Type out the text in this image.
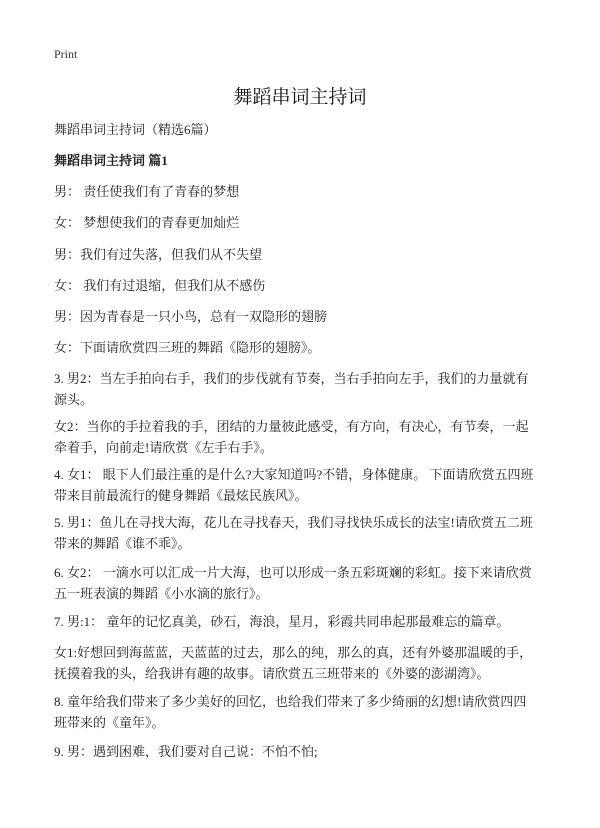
Print
舞蹈串词主持词
舞蹈串词主持词（精选6篇）
舞蹈串词主持词 篇1
男： 责任使我们有了青春的梦想
女： 梦想使我们的青春更加灿烂
男：我们有过失落，但我们从不失望
女： 我们有过退缩，但我们从不感伤
男：因为青春是一只小鸟，总有一双隐形的翅膀
女：下面请欣赏四三班的舞蹈《隐形的翅膀》。
3. 男2：当左手拍向右手，我们的步伐就有节奏，当右手拍向左手，我们的力量就有源头。
女2：当你的手拉着我的手，团结的力量彼此感受，有方向，有决心，有节奏，一起牵着手，向前走!请欣赏《左手右手》。
4. 女1： 眼下人们最注重的是什么?大家知道吗?不错，身体健康。 下面请欣赏五四班带来目前最流行的健身舞蹈《最炫民族风》。
5. 男1：鱼儿在寻找大海，花儿在寻找春天，我们寻找快乐成长的法宝!请欣赏五二班带来的舞蹈《谁不乖》。
6. 女2： 一滴水可以汇成一片大海，也可以形成一条五彩斑斓的彩虹。接下来请欣赏五一班表演的舞蹈《小水滴的旅行》。
7. 男:1： 童年的记忆真美，砂石，海浪，星月，彩霞共同串起那最难忘的篇章。
女1:好想回到海蓝蓝，天蓝蓝的过去，那么的纯，那么的真，还有外婆那温暖的手，抚摸着我的头，给我讲有趣的故事。请欣赏五三班带来的《外婆的澎湖湾》。
8. 童年给我们带来了多少美好的回忆，也给我们带来了多少绮丽的幻想!请欣赏四四班带来的《童年》。
9. 男：遇到困难，我们要对自己说：不怕不怕;
